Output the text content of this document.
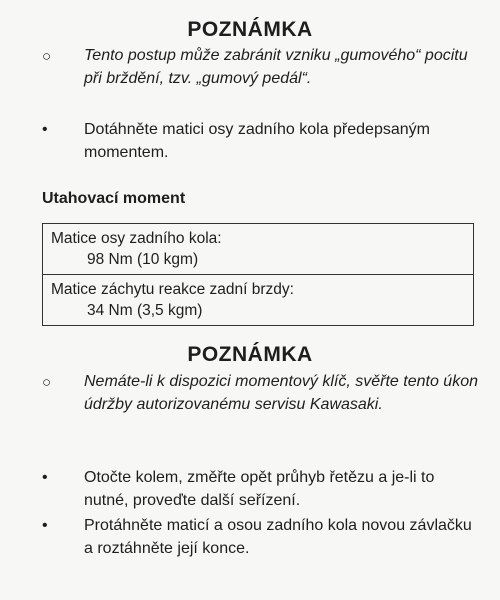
POZNÁMKA
○	Tento postup může zabránit vzniku „gumového“ pocitu při brždění, tzv. „gumový pedál“.
•	Dotáhněte matici osy zadního kola předepsaným momentem.
Utahovací moment
Matice osy zadního kola:
98 Nm (10 kgm)
Matice záchytu reakce zadní brzdy:
34 Nm (3,5 kgm)
POZNÁMKA
○	Nemáte-li k dispozici momentový klíč, svěřte tento úkon údržby autorizovanému servisu Kawasaki.
•	Otočte kolem, změřte opět průhyb řetězu a je-li to nutné, proveďte další seřízení.
•	Protáhněte maticí a osou zadního kola novou závlačku a roztáhněte její konce.
